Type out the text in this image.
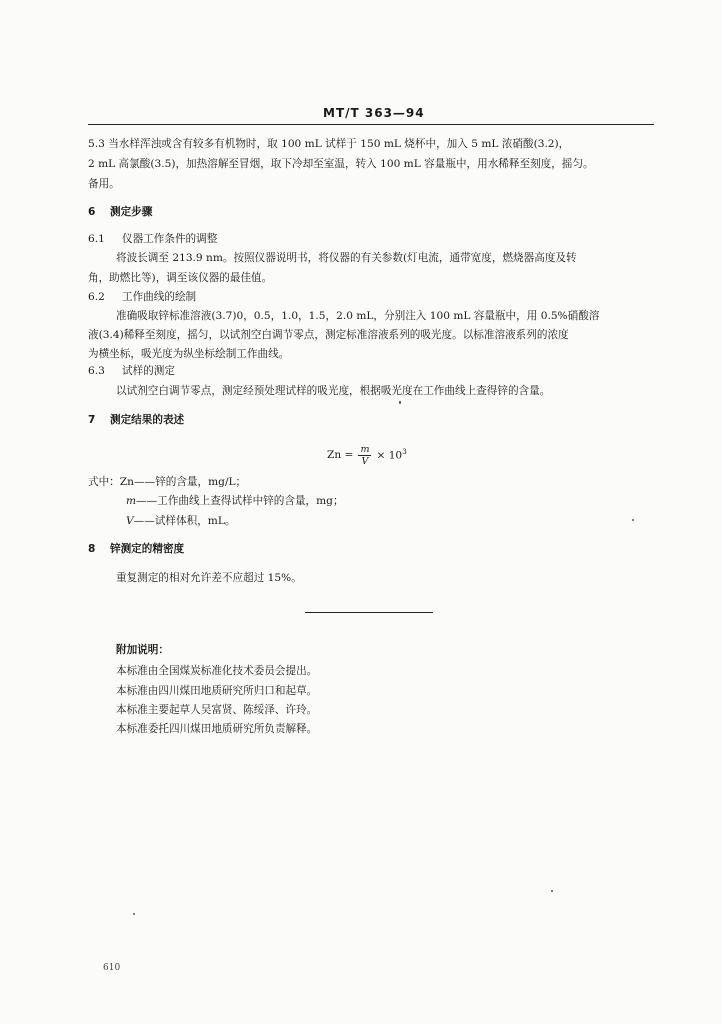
MT/T 363—94
5.3 当水样浑浊或含有较多有机物时，取 100 mL 试样于 150 mL 烧杯中，加入 5 mL 浓硝酸(3.2)，
2 mL 高氯酸(3.5)，加热溶解至冒烟，取下冷却至室温，转入 100 mL 容量瓶中，用水稀释至刻度，摇匀。
备用。
6 测定步骤
6.1 仪器工作条件的调整
将波长调至 213.9 nm。按照仪器说明书，将仪器的有关参数(灯电流，通带宽度，燃烧器高度及转
角，助燃比等)，调至该仪器的最佳值。
6.2 工作曲线的绘制
准确吸取锌标准溶液(3.7)0，0.5，1.0，1.5，2.0 mL，分别注入 100 mL 容量瓶中，用 0.5%硝酸溶
液(3.4)稀释至刻度，摇匀，以试剂空白调节零点，测定标准溶液系列的吸光度。以标准溶液系列的浓度
为横坐标，吸光度为纵坐标绘制工作曲线。
6.3 试样的测定
以试剂空白调节零点，测定经预处理试样的吸光度，根据吸光度在工作曲线上查得锌的含量。
7 测定结果的表述
$Zn = \frac{m}{V} \times 10^3$
式中：Zn——锌的含量，mg/L；
m——工作曲线上查得试样中锌的含量，mg；
V——试样体积，mL。
8 锌测定的精密度
重复测定的相对允许差不应超过 15%。
附加说明：
本标准由全国煤炭标准化技术委员会提出。
本标准由四川煤田地质研究所归口和起草。
本标准主要起草人吴富贤、陈绥泽、许玲。
本标准委托四川煤田地质研究所负责解释。
610
